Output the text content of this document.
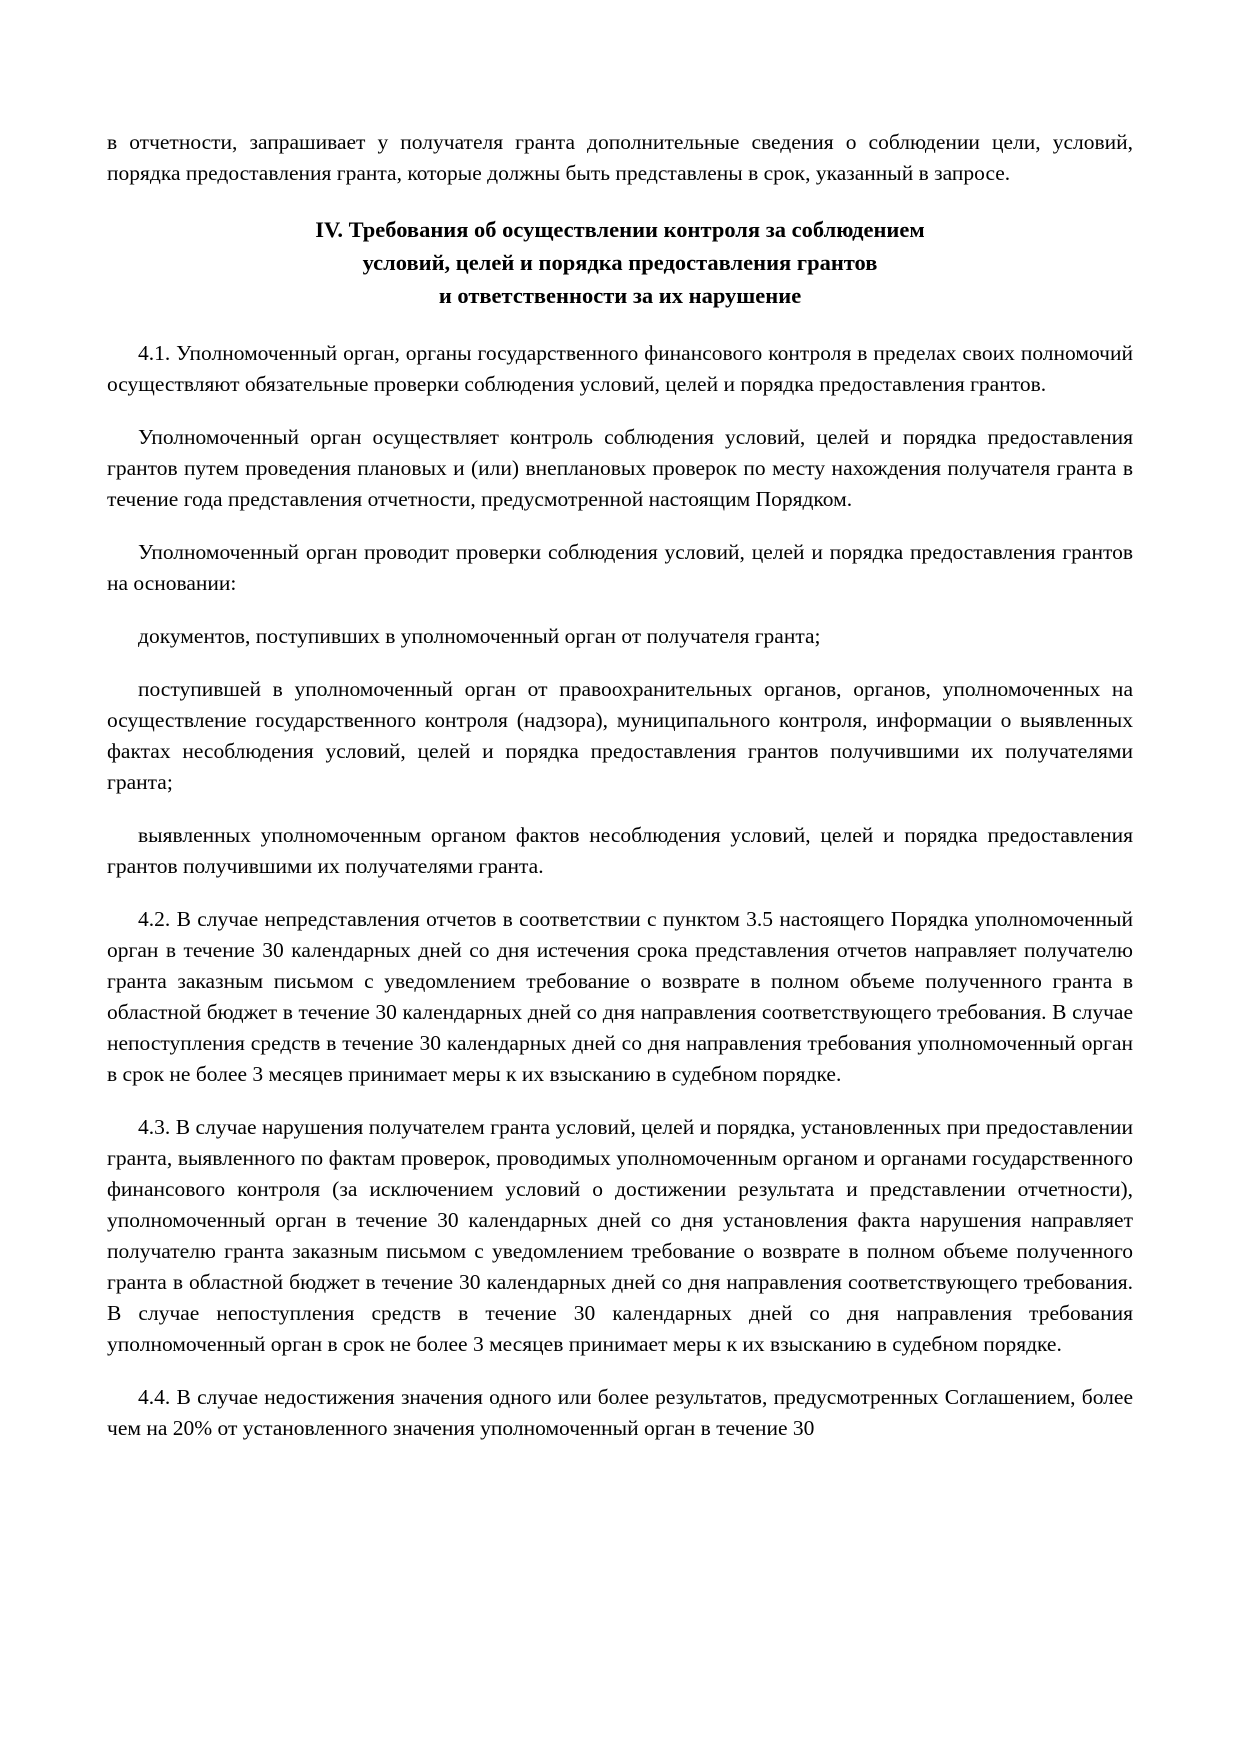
в отчетности, запрашивает у получателя гранта дополнительные сведения о соблюдении цели, условий, порядка предоставления гранта, которые должны быть представлены в срок, указанный в запросе.

IV. Требования об осуществлении контроля за соблюдением
условий, целей и порядка предоставления грантов
и ответственности за их нарушение

4.1. Уполномоченный орган, органы государственного финансового контроля в пределах своих полномочий осуществляют обязательные проверки соблюдения условий, целей и порядка предоставления грантов.

Уполномоченный орган осуществляет контроль соблюдения условий, целей и порядка предоставления грантов путем проведения плановых и (или) внеплановых проверок по месту нахождения получателя гранта в течение года представления отчетности, предусмотренной настоящим Порядком.

Уполномоченный орган проводит проверки соблюдения условий, целей и порядка предоставления грантов на основании:

документов, поступивших в уполномоченный орган от получателя гранта;

поступившей в уполномоченный орган от правоохранительных органов, органов, уполномоченных на осуществление государственного контроля (надзора), муниципального контроля, информации о выявленных фактах несоблюдения условий, целей и порядка предоставления грантов получившими их получателями гранта;

выявленных уполномоченным органом фактов несоблюдения условий, целей и порядка предоставления грантов получившими их получателями гранта.

4.2. В случае непредставления отчетов в соответствии с пунктом 3.5 настоящего Порядка уполномоченный орган в течение 30 календарных дней со дня истечения срока представления отчетов направляет получателю гранта заказным письмом с уведомлением требование о возврате в полном объеме полученного гранта в областной бюджет в течение 30 календарных дней со дня направления соответствующего требования. В случае непоступления средств в течение 30 календарных дней со дня направления требования уполномоченный орган в срок не более 3 месяцев принимает меры к их взысканию в судебном порядке.

4.3. В случае нарушения получателем гранта условий, целей и порядка, установленных при предоставлении гранта, выявленного по фактам проверок, проводимых уполномоченным органом и органами государственного финансового контроля (за исключением условий о достижении результата и представлении отчетности), уполномоченный орган в течение 30 календарных дней со дня установления факта нарушения направляет получателю гранта заказным письмом с уведомлением требование о возврате в полном объеме полученного гранта в областной бюджет в течение 30 календарных дней со дня направления соответствующего требования. В случае непоступления средств в течение 30 календарных дней со дня направления требования уполномоченный орган в срок не более 3 месяцев принимает меры к их взысканию в судебном порядке.

4.4. В случае недостижения значения одного или более результатов, предусмотренных Соглашением, более чем на 20% от установленного значения уполномоченный орган в течение 30
